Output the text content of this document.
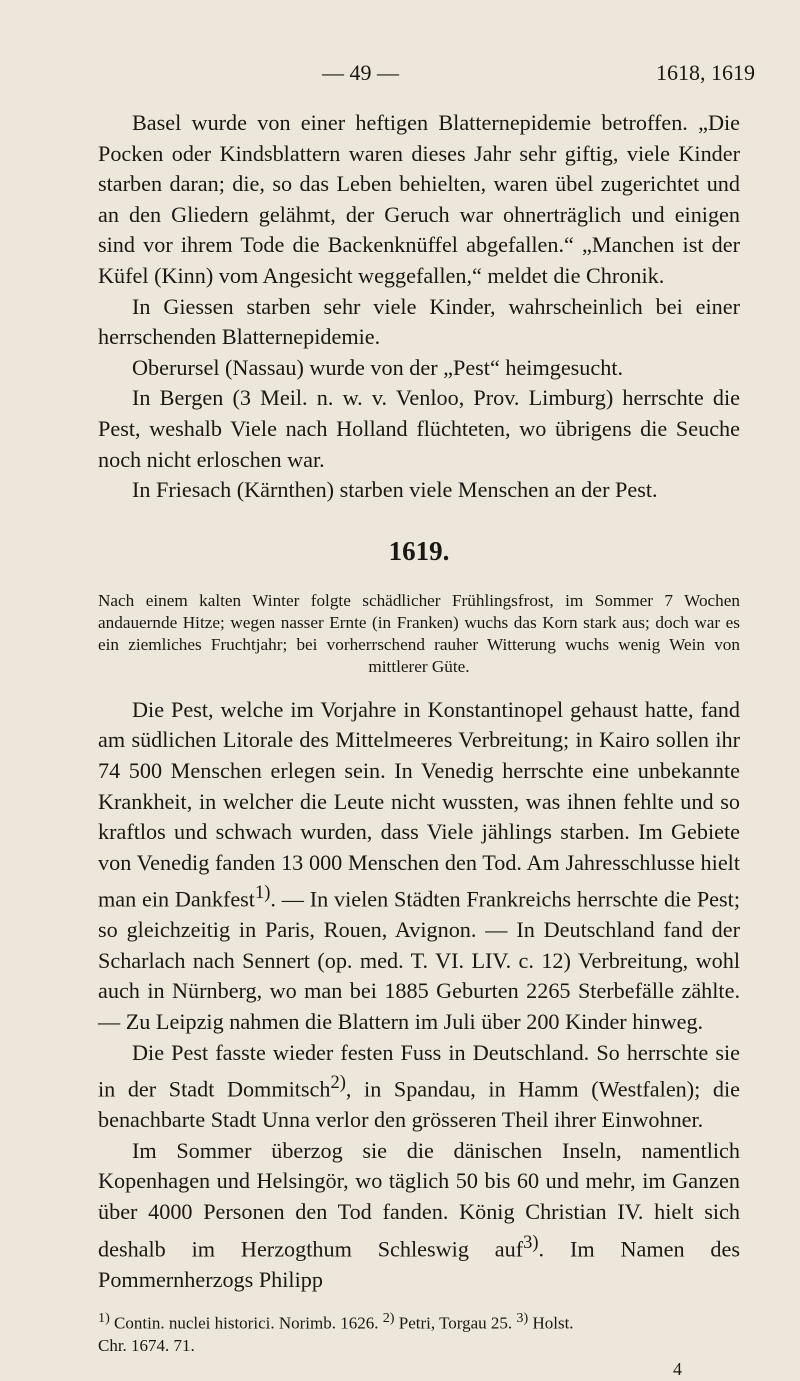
— 49 —	1618, 1619

Basel wurde von einer heftigen Blatternepidemie betroffen. „Die Pocken oder Kindsblattern waren dieses Jahr sehr giftig, viele Kinder starben daran; die, so das Leben behielten, waren übel zugerichtet und an den Gliedern gelähmt, der Geruch war ohnerträglich und einigen sind vor ihrem Tode die Backenknüffel abgefallen.“ „Manchen ist der Küfel (Kinn) vom Angesicht weggefallen,“ meldet die Chronik.

In Giessen starben sehr viele Kinder, wahrscheinlich bei einer herrschenden Blatternepidemie.

Oberursel (Nassau) wurde von der „Pest“ heimgesucht.

In Bergen (3 Meil. n. w. v. Venloo, Prov. Limburg) herrschte die Pest, weshalb Viele nach Holland flüchteten, wo übrigens die Seuche noch nicht erloschen war.

In Friesach (Kärnthen) starben viele Menschen an der Pest.

1619.
Nach einem kalten Winter folgte schädlicher Frühlingsfrost, im Sommer 7 Wochen andauernde Hitze; wegen nasser Ernte (in Franken) wuchs das Korn stark aus; doch war es ein ziemliches Fruchtjahr; bei vorherrschend rauher Witterung wuchs wenig Wein von mittlerer Güte.

Die Pest, welche im Vorjahre in Konstantinopel gehaust hatte, fand am südlichen Litorale des Mittelmeeres Verbreitung; in Kairo sollen ihr 74 500 Menschen erlegen sein. In Venedig herrschte eine unbekannte Krankheit, in welcher die Leute nicht wussten, was ihnen fehlte und so kraftlos und schwach wurden, dass Viele jählings starben. Im Gebiete von Venedig fanden 13 000 Menschen den Tod. Am Jahresschlusse hielt man ein Dankfest$^{1)}$. — In vielen Städten Frankreichs herrschte die Pest; so gleichzeitig in Paris, Rouen, Avignon. — In Deutschland fand der Scharlach nach Sennert (op. med. T. VI. LIV. c. 12) Verbreitung, wohl auch in Nürnberg, wo man bei 1885 Geburten 2265 Sterbefälle zählte. — Zu Leipzig nahmen die Blattern im Juli über 200 Kinder hinweg.

Die Pest fasste wieder festen Fuss in Deutschland. So herrschte sie in der Stadt Dommitsch$^{2)}$, in Spandau, in Hamm (Westfalen); die benachbarte Stadt Unna verlor den grösseren Theil ihrer Einwohner.

Im Sommer überzog sie die dänischen Inseln, namentlich Kopenhagen und Helsingör, wo täglich 50 bis 60 und mehr, im Ganzen über 4000 Personen den Tod fanden. König Christian IV. hielt sich deshalb im Herzogthum Schleswig auf$^{3)}$. Im Namen des Pommernherzogs Philipp

$^{1)}$ Contin. nuclei historici. Norimb. 1626. $^{2)}$ Petri, Torgau 25. $^{3)}$ Holst.
Chr. 1674. 71.
4
